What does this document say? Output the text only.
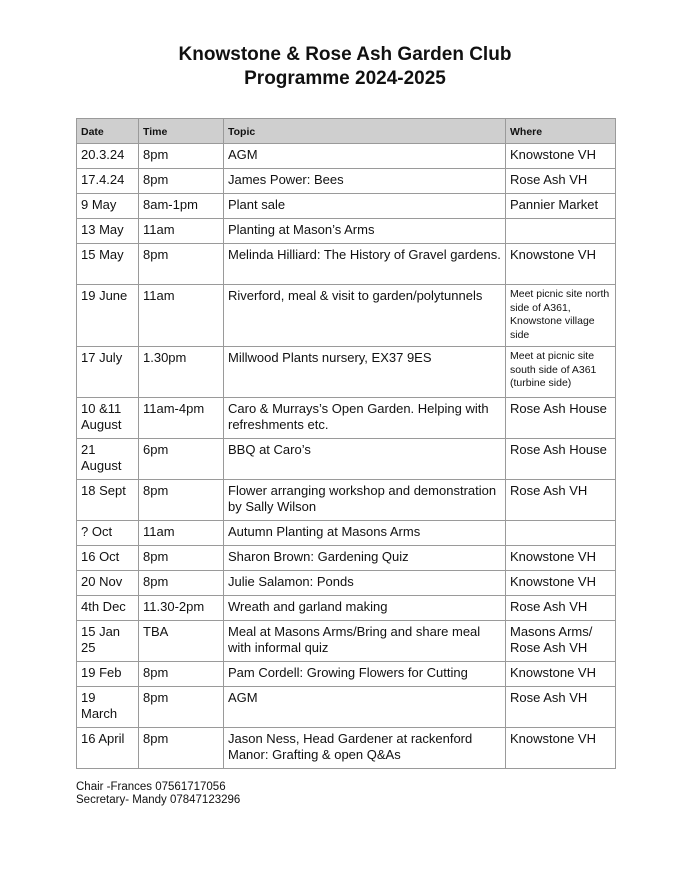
Knowstone & Rose Ash Garden Club
Programme 2024-2025
Date	Time	Topic	Where
20.3.24	8pm	AGM	Knowstone VH
17.4.24	8pm	James Power: Bees	Rose Ash VH
9 May	8am-1pm	Plant sale	Pannier Market
13 May	11am	Planting at Mason’s Arms	
15 May	8pm	Melinda Hilliard: The History of Gravel gardens.	Knowstone VH
19 June	11am	Riverford, meal & visit to garden/polytunnels	Meet picnic site north side of A361, Knowstone village side
17 July	1.30pm	Millwood Plants nursery, EX37 9ES	Meet at picnic site south side of A361 (turbine side)
10 &11 August	11am-4pm	Caro & Murrays’s Open Garden. Helping with refreshments etc.	Rose Ash House
21 August	6pm	BBQ at Caro’s	Rose Ash House
18 Sept	8pm	Flower arranging workshop and demonstration by Sally Wilson	Rose Ash VH
? Oct	11am	Autumn Planting at Masons Arms	
16 Oct	8pm	Sharon Brown: Gardening Quiz	Knowstone VH
20 Nov	8pm	Julie Salamon: Ponds	Knowstone VH
4th Dec	11.30-2pm	Wreath and garland making	Rose Ash VH
15 Jan 25	TBA	Meal at Masons Arms/Bring and share meal with informal quiz	Masons Arms/ Rose Ash VH
19 Feb	8pm	Pam Cordell: Growing Flowers for Cutting	Knowstone VH
19 March	8pm	AGM	Rose Ash VH
16 April	8pm	Jason Ness, Head Gardener at rackenford Manor: Grafting & open Q&As	Knowstone VH
Chair -Frances 07561717056
Secretary- Mandy 07847123296
